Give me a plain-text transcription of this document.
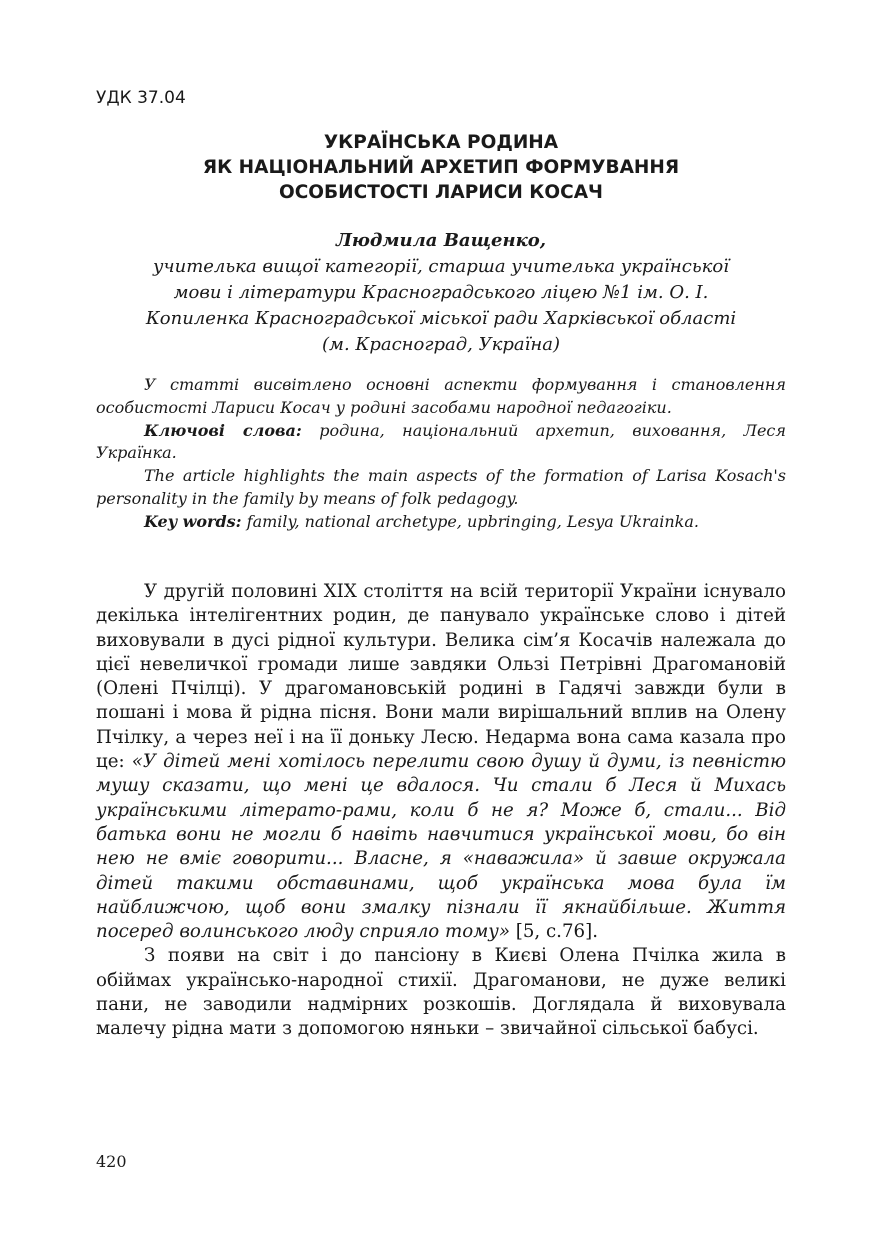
УДК 37.04
УКРАЇНСЬКА РОДИНА
ЯК НАЦІОНАЛЬНИЙ АРХЕТИП ФОРМУВАННЯ
ОСОБИСТОСТІ ЛАРИСИ КОСАЧ
Людмила Ващенко,
учителька вищої категорії, старша учителька української
мови і літератури Красноградського ліцею №1 ім. О. І.
Копиленка Красноградської міської ради Харківської області
(м. Красноград, Україна)

У статті висвітлено основні аспекти формування і становлення особистості Лариси Косач у родині засобами народної педагогіки.

Ключові слова: родина, національний архетип, виховання, Леся Українка.

The article highlights the main aspects of the formation of Larisa Kosach's personality in the family by means of folk pedagogy.

Key words: family, national archetype, upbringing, Lesya Ukrainka.

У другій половині XIX століття на всій території України існувало декілька інтелігентних родин, де панувало українське слово і дітей виховували в дусі рідної культури. Велика сім’я Косачів належала до цієї невеличкої громади лише завдяки Ользі Петрівні Драгомановій (Олені Пчілці). У драгомановській родині в Гадячі завжди були в пошані і мова й рідна пісня. Вони мали вирішальний вплив на Олену Пчілку, а через неї і на її доньку Лесю. Недарма вона сама казала про це: «У дітей мені хотілось перелити свою душу й думи, із певністю мушу сказати, що мені це вдалося. Чи стали б Леся й Михась українськими літерато-рами, коли б не я? Може б, стали... Від батька вони не могли б навіть навчитися української мови, бо він нею не вміє говорити... Власне, я «наважила» й завше окружала дітей такими обставинами, щоб українська мова була їм найближчою, щоб вони змалку пізнали її якнайбільше. Життя посеред волинського люду сприяло тому» [5, с.76].

З появи на світ і до пансіону в Києві Олена Пчілка жила в обіймах українсько-народної стихії. Драгоманови, не дуже великі пани, не заводили надмірних розкошів. Доглядала й виховувала малечу рідна мати з допомогою няньки – звичайної сільської бабусі.

420
